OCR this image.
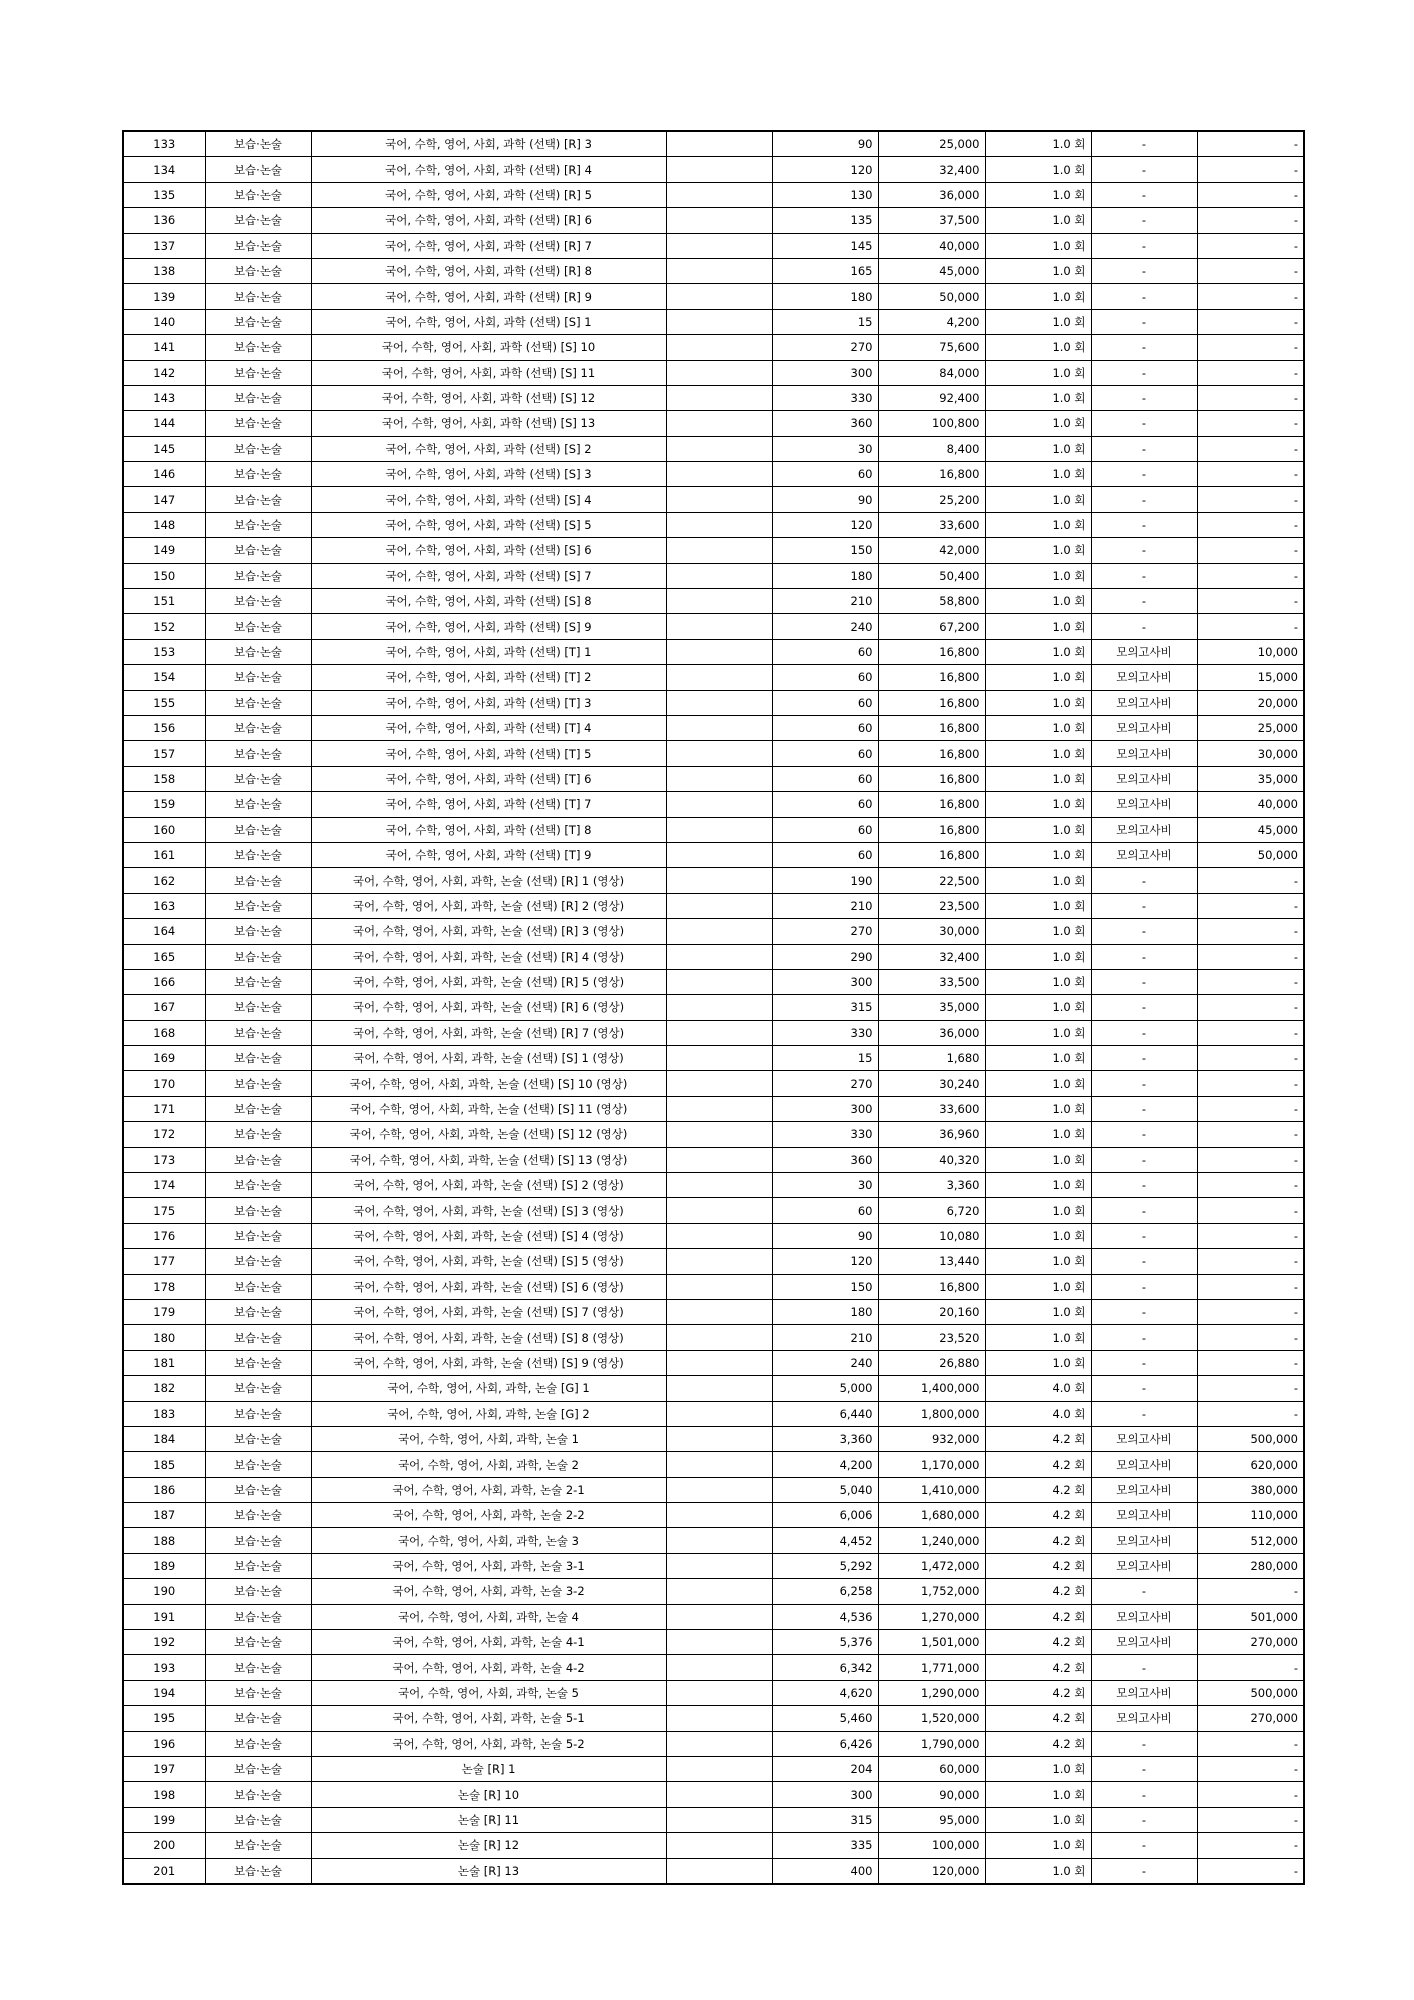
133	보습·논술	국어, 수학, 영어, 사회, 과학 (선택) [R] 3		90	25,000	1.0 회	-	-
134	보습·논술	국어, 수학, 영어, 사회, 과학 (선택) [R] 4		120	32,400	1.0 회	-	-
135	보습·논술	국어, 수학, 영어, 사회, 과학 (선택) [R] 5		130	36,000	1.0 회	-	-
136	보습·논술	국어, 수학, 영어, 사회, 과학 (선택) [R] 6		135	37,500	1.0 회	-	-
137	보습·논술	국어, 수학, 영어, 사회, 과학 (선택) [R] 7		145	40,000	1.0 회	-	-
138	보습·논술	국어, 수학, 영어, 사회, 과학 (선택) [R] 8		165	45,000	1.0 회	-	-
139	보습·논술	국어, 수학, 영어, 사회, 과학 (선택) [R] 9		180	50,000	1.0 회	-	-
140	보습·논술	국어, 수학, 영어, 사회, 과학 (선택) [S] 1		15	4,200	1.0 회	-	-
141	보습·논술	국어, 수학, 영어, 사회, 과학 (선택) [S] 10		270	75,600	1.0 회	-	-
142	보습·논술	국어, 수학, 영어, 사회, 과학 (선택) [S] 11		300	84,000	1.0 회	-	-
143	보습·논술	국어, 수학, 영어, 사회, 과학 (선택) [S] 12		330	92,400	1.0 회	-	-
144	보습·논술	국어, 수학, 영어, 사회, 과학 (선택) [S] 13		360	100,800	1.0 회	-	-
145	보습·논술	국어, 수학, 영어, 사회, 과학 (선택) [S] 2		30	8,400	1.0 회	-	-
146	보습·논술	국어, 수학, 영어, 사회, 과학 (선택) [S] 3		60	16,800	1.0 회	-	-
147	보습·논술	국어, 수학, 영어, 사회, 과학 (선택) [S] 4		90	25,200	1.0 회	-	-
148	보습·논술	국어, 수학, 영어, 사회, 과학 (선택) [S] 5		120	33,600	1.0 회	-	-
149	보습·논술	국어, 수학, 영어, 사회, 과학 (선택) [S] 6		150	42,000	1.0 회	-	-
150	보습·논술	국어, 수학, 영어, 사회, 과학 (선택) [S] 7		180	50,400	1.0 회	-	-
151	보습·논술	국어, 수학, 영어, 사회, 과학 (선택) [S] 8		210	58,800	1.0 회	-	-
152	보습·논술	국어, 수학, 영어, 사회, 과학 (선택) [S] 9		240	67,200	1.0 회	-	-
153	보습·논술	국어, 수학, 영어, 사회, 과학 (선택) [T] 1		60	16,800	1.0 회	모의고사비	10,000
154	보습·논술	국어, 수학, 영어, 사회, 과학 (선택) [T] 2		60	16,800	1.0 회	모의고사비	15,000
155	보습·논술	국어, 수학, 영어, 사회, 과학 (선택) [T] 3		60	16,800	1.0 회	모의고사비	20,000
156	보습·논술	국어, 수학, 영어, 사회, 과학 (선택) [T] 4		60	16,800	1.0 회	모의고사비	25,000
157	보습·논술	국어, 수학, 영어, 사회, 과학 (선택) [T] 5		60	16,800	1.0 회	모의고사비	30,000
158	보습·논술	국어, 수학, 영어, 사회, 과학 (선택) [T] 6		60	16,800	1.0 회	모의고사비	35,000
159	보습·논술	국어, 수학, 영어, 사회, 과학 (선택) [T] 7		60	16,800	1.0 회	모의고사비	40,000
160	보습·논술	국어, 수학, 영어, 사회, 과학 (선택) [T] 8		60	16,800	1.0 회	모의고사비	45,000
161	보습·논술	국어, 수학, 영어, 사회, 과학 (선택) [T] 9		60	16,800	1.0 회	모의고사비	50,000
162	보습·논술	국어, 수학, 영어, 사회, 과학, 논술 (선택) [R] 1 (영상)		190	22,500	1.0 회	-	-
163	보습·논술	국어, 수학, 영어, 사회, 과학, 논술 (선택) [R] 2 (영상)		210	23,500	1.0 회	-	-
164	보습·논술	국어, 수학, 영어, 사회, 과학, 논술 (선택) [R] 3 (영상)		270	30,000	1.0 회	-	-
165	보습·논술	국어, 수학, 영어, 사회, 과학, 논술 (선택) [R] 4 (영상)		290	32,400	1.0 회	-	-
166	보습·논술	국어, 수학, 영어, 사회, 과학, 논술 (선택) [R] 5 (영상)		300	33,500	1.0 회	-	-
167	보습·논술	국어, 수학, 영어, 사회, 과학, 논술 (선택) [R] 6 (영상)		315	35,000	1.0 회	-	-
168	보습·논술	국어, 수학, 영어, 사회, 과학, 논술 (선택) [R] 7 (영상)		330	36,000	1.0 회	-	-
169	보습·논술	국어, 수학, 영어, 사회, 과학, 논술 (선택) [S] 1 (영상)		15	1,680	1.0 회	-	-
170	보습·논술	국어, 수학, 영어, 사회, 과학, 논술 (선택) [S] 10 (영상)		270	30,240	1.0 회	-	-
171	보습·논술	국어, 수학, 영어, 사회, 과학, 논술 (선택) [S] 11 (영상)		300	33,600	1.0 회	-	-
172	보습·논술	국어, 수학, 영어, 사회, 과학, 논술 (선택) [S] 12 (영상)		330	36,960	1.0 회	-	-
173	보습·논술	국어, 수학, 영어, 사회, 과학, 논술 (선택) [S] 13 (영상)		360	40,320	1.0 회	-	-
174	보습·논술	국어, 수학, 영어, 사회, 과학, 논술 (선택) [S] 2 (영상)		30	3,360	1.0 회	-	-
175	보습·논술	국어, 수학, 영어, 사회, 과학, 논술 (선택) [S] 3 (영상)		60	6,720	1.0 회	-	-
176	보습·논술	국어, 수학, 영어, 사회, 과학, 논술 (선택) [S] 4 (영상)		90	10,080	1.0 회	-	-
177	보습·논술	국어, 수학, 영어, 사회, 과학, 논술 (선택) [S] 5 (영상)		120	13,440	1.0 회	-	-
178	보습·논술	국어, 수학, 영어, 사회, 과학, 논술 (선택) [S] 6 (영상)		150	16,800	1.0 회	-	-
179	보습·논술	국어, 수학, 영어, 사회, 과학, 논술 (선택) [S] 7 (영상)		180	20,160	1.0 회	-	-
180	보습·논술	국어, 수학, 영어, 사회, 과학, 논술 (선택) [S] 8 (영상)		210	23,520	1.0 회	-	-
181	보습·논술	국어, 수학, 영어, 사회, 과학, 논술 (선택) [S] 9 (영상)		240	26,880	1.0 회	-	-
182	보습·논술	국어, 수학, 영어, 사회, 과학, 논술 [G] 1		5,000	1,400,000	4.0 회	-	-
183	보습·논술	국어, 수학, 영어, 사회, 과학, 논술 [G] 2		6,440	1,800,000	4.0 회	-	-
184	보습·논술	국어, 수학, 영어, 사회, 과학, 논술 1		3,360	932,000	4.2 회	모의고사비	500,000
185	보습·논술	국어, 수학, 영어, 사회, 과학, 논술 2		4,200	1,170,000	4.2 회	모의고사비	620,000
186	보습·논술	국어, 수학, 영어, 사회, 과학, 논술 2-1		5,040	1,410,000	4.2 회	모의고사비	380,000
187	보습·논술	국어, 수학, 영어, 사회, 과학, 논술 2-2		6,006	1,680,000	4.2 회	모의고사비	110,000
188	보습·논술	국어, 수학, 영어, 사회, 과학, 논술 3		4,452	1,240,000	4.2 회	모의고사비	512,000
189	보습·논술	국어, 수학, 영어, 사회, 과학, 논술 3-1		5,292	1,472,000	4.2 회	모의고사비	280,000
190	보습·논술	국어, 수학, 영어, 사회, 과학, 논술 3-2		6,258	1,752,000	4.2 회	-	-
191	보습·논술	국어, 수학, 영어, 사회, 과학, 논술 4		4,536	1,270,000	4.2 회	모의고사비	501,000
192	보습·논술	국어, 수학, 영어, 사회, 과학, 논술 4-1		5,376	1,501,000	4.2 회	모의고사비	270,000
193	보습·논술	국어, 수학, 영어, 사회, 과학, 논술 4-2		6,342	1,771,000	4.2 회	-	-
194	보습·논술	국어, 수학, 영어, 사회, 과학, 논술 5		4,620	1,290,000	4.2 회	모의고사비	500,000
195	보습·논술	국어, 수학, 영어, 사회, 과학, 논술 5-1		5,460	1,520,000	4.2 회	모의고사비	270,000
196	보습·논술	국어, 수학, 영어, 사회, 과학, 논술 5-2		6,426	1,790,000	4.2 회	-	-
197	보습·논술	논술 [R] 1		204	60,000	1.0 회	-	-
198	보습·논술	논술 [R] 10		300	90,000	1.0 회	-	-
199	보습·논술	논술 [R] 11		315	95,000	1.0 회	-	-
200	보습·논술	논술 [R] 12		335	100,000	1.0 회	-	-
201	보습·논술	논술 [R] 13		400	120,000	1.0 회	-	-
